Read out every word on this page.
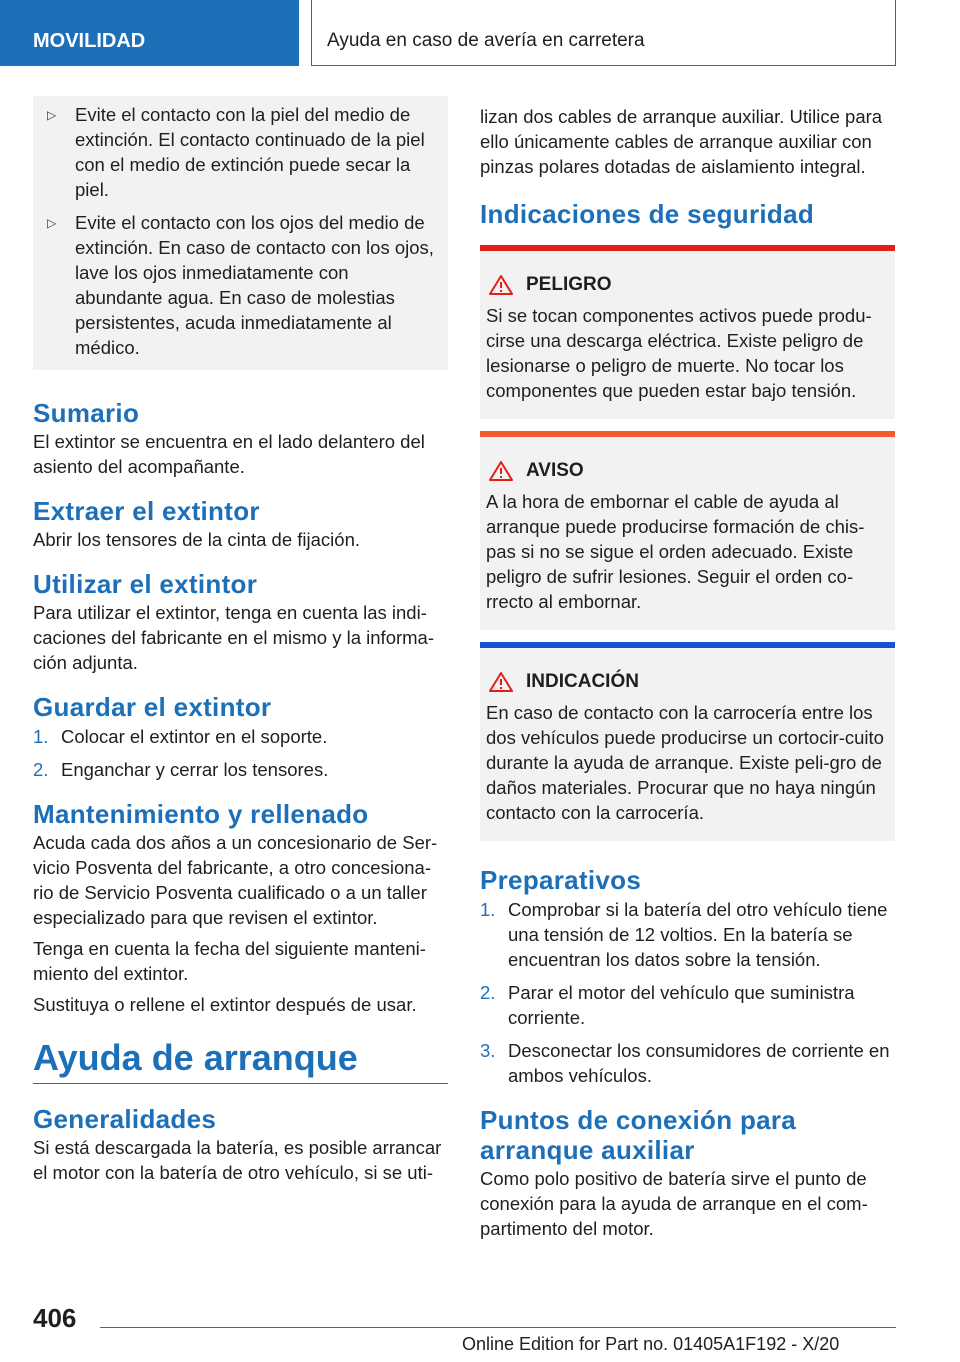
MOVILIDAD	Ayuda en caso de avería en carretera
▷	Evite el contacto con la piel del medio de extinción. El contacto continuado de la piel con el medio de extinción puede secar la piel.
▷	Evite el contacto con los ojos del medio de extinción. En caso de contacto con los ojos, lave los ojos inmediatamente con abundante agua. En caso de molestias persistentes, acuda inmediatamente al médico.
Sumario

El extintor se encuentra en el lado delantero del asiento del acompañante.

Extraer el extintor

Abrir los tensores de la cinta de fijación.

Utilizar el extintor

Para utilizar el extintor, tenga en cuenta las indi-caciones del fabricante en el mismo y la informa-ción adjunta.

Guardar el extintor
1. Colocar el extintor en el soporte.
2. Enganchar y cerrar los tensores.
Mantenimiento y rellenado

Acuda cada dos años a un concesionario de Ser-vicio Posventa del fabricante, a otro concesiona-rio de Servicio Posventa cualificado o a un taller especializado para que revisen el extintor.

Tenga en cuenta la fecha del siguiente manteni-miento del extintor.

Sustituya o rellene el extintor después de usar.

Ayuda de arranque
Generalidades

Si está descargada la batería, es posible arrancar el motor con la batería de otro vehículo, si se uti-

lizan dos cables de arranque auxiliar. Utilice para ello únicamente cables de arranque auxiliar con pinzas polares dotadas de aislamiento integral.

Indicaciones de seguridad
PELIGRO

Si se tocan componentes activos puede produ-cirse una descarga eléctrica. Existe peligro de lesionarse o peligro de muerte. No tocar los componentes que pueden estar bajo tensión.

AVISO

A la hora de embornar el cable de ayuda al arranque puede producirse formación de chis-pas si no se sigue el orden adecuado. Existe peligro de sufrir lesiones. Seguir el orden co-rrecto al embornar.

INDICACIÓN

En caso de contacto con la carrocería entre los dos vehículos puede producirse un cortocir-cuito durante la ayuda de arranque. Existe peli-gro de daños materiales. Procurar que no haya ningún contacto con la carrocería.

Preparativos
1. Comprobar si la batería del otro vehículo tiene una tensión de 12 voltios. En la batería se encuentran los datos sobre la tensión.
2. Parar el motor del vehículo que suministra corriente.
3. Desconectar los consumidores de corriente en ambos vehículos.
Puntos de conexión para arranque auxiliar

Como polo positivo de batería sirve el punto de conexión para la ayuda de arranque en el com-partimento del motor.

406
Online Edition for Part no. 01405A1F192 - X/20
